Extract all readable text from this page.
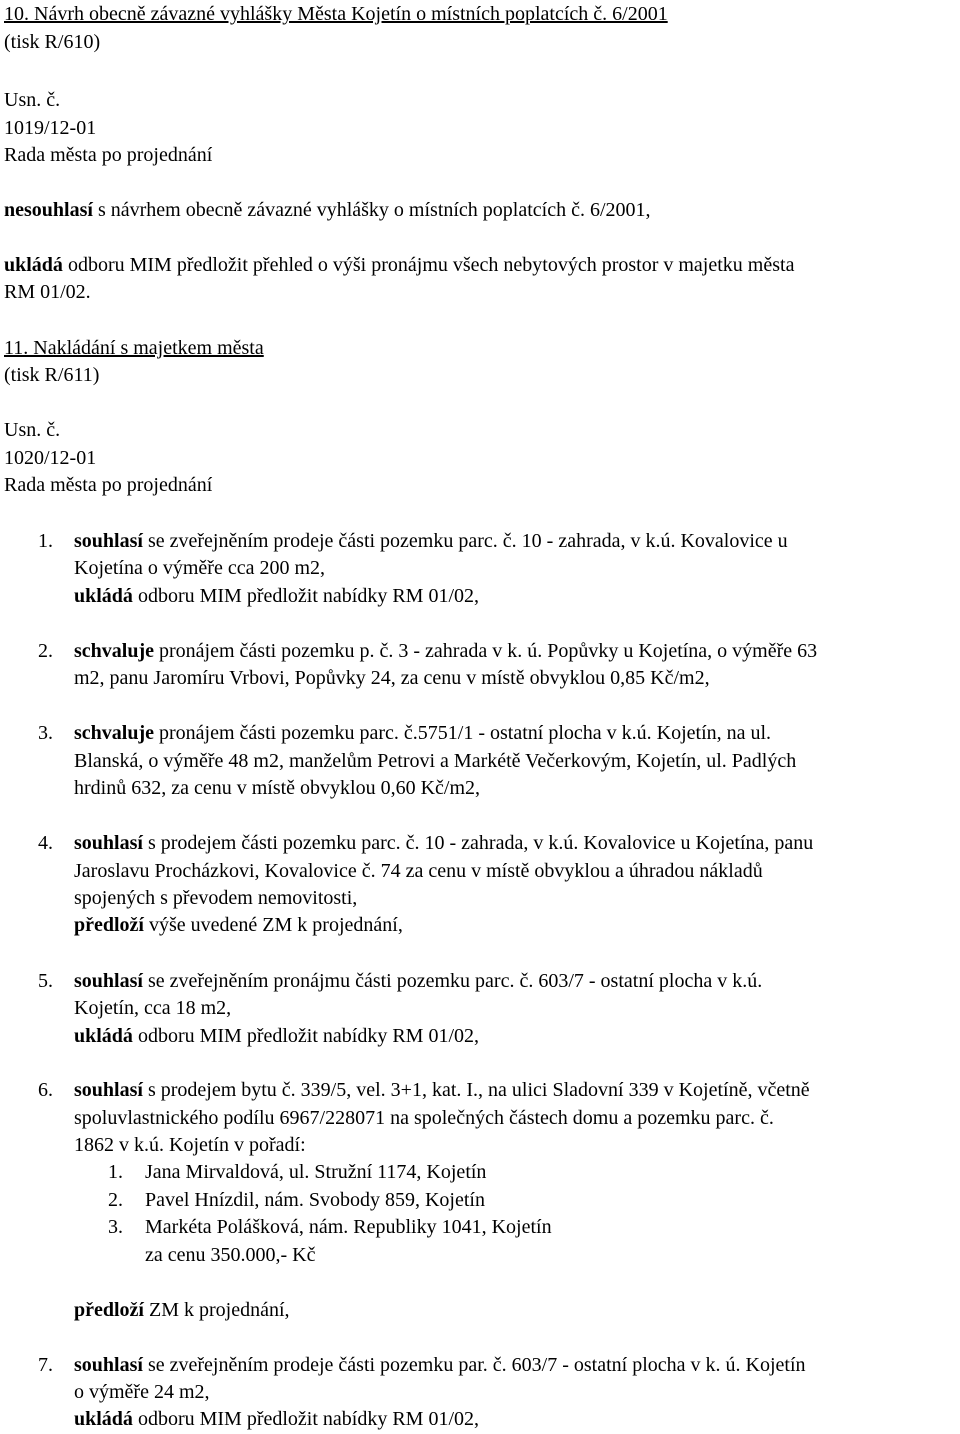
10. Návrh obecně závazné vyhlášky Města Kojetín o místních poplatcích č. 6/2001
(tisk R/610)
Usn. č.
1019/12-01
Rada města po projednání
nesouhlasí s návrhem obecně závazné vyhlášky o místních poplatcích č. 6/2001,
ukládá odboru MIM předložit přehled o výši pronájmu všech nebytových prostor v majetku města
RM 01/02.
11. Nakládání s majetkem města
(tisk R/611)
Usn. č.
1020/12-01
Rada města po projednání
1. souhlasí se zveřejněním prodeje části pozemku parc. č. 10 - zahrada, v k.ú. Kovalovice u
Kojetína o výměře cca 200 m2,
ukládá odboru MIM předložit nabídky RM 01/02,
2. schvaluje pronájem části pozemku p. č. 3 - zahrada v k. ú. Popůvky u Kojetína, o výměře 63
m2, panu Jaromíru Vrbovi, Popůvky 24, za cenu v místě obvyklou 0,85 Kč/m2,
3. schvaluje pronájem části pozemku parc. č.5751/1 - ostatní plocha v k.ú. Kojetín, na ul.
Blanská, o výměře 48 m2, manželům Petrovi a Markétě Večerkovým, Kojetín, ul. Padlých
hrdinů 632, za cenu v místě obvyklou 0,60 Kč/m2,
4. souhlasí s prodejem části pozemku parc. č. 10 - zahrada, v k.ú. Kovalovice u Kojetína, panu
Jaroslavu Procházkovi, Kovalovice č. 74 za cenu v místě obvyklou a úhradou nákladů
spojených s převodem nemovitosti,
předloží výše uvedené ZM k projednání,
5. souhlasí se zveřejněním pronájmu části pozemku parc. č. 603/7 - ostatní plocha v k.ú.
Kojetín, cca 18 m2,
ukládá odboru MIM předložit nabídky RM 01/02,
6. souhlasí s prodejem bytu č. 339/5, vel. 3+1, kat. I., na ulici Sladovní 339 v Kojetíně, včetně
spoluvlastnického podílu 6967/228071 na společných částech domu a pozemku parc. č.
1862 v k.ú. Kojetín v pořadí:
1. Jana Mirvaldová, ul. Stružní 1174, Kojetín
2. Pavel Hnízdil, nám. Svobody 859, Kojetín
3. Markéta Polášková, nám. Republiky 1041, Kojetín
za cenu 350.000,- Kč
předloží ZM k projednání,
7. souhlasí se zveřejněním prodeje části pozemku par. č. 603/7 - ostatní plocha v k. ú. Kojetín
o výměře 24 m2,
ukládá odboru MIM předložit nabídky RM 01/02,
